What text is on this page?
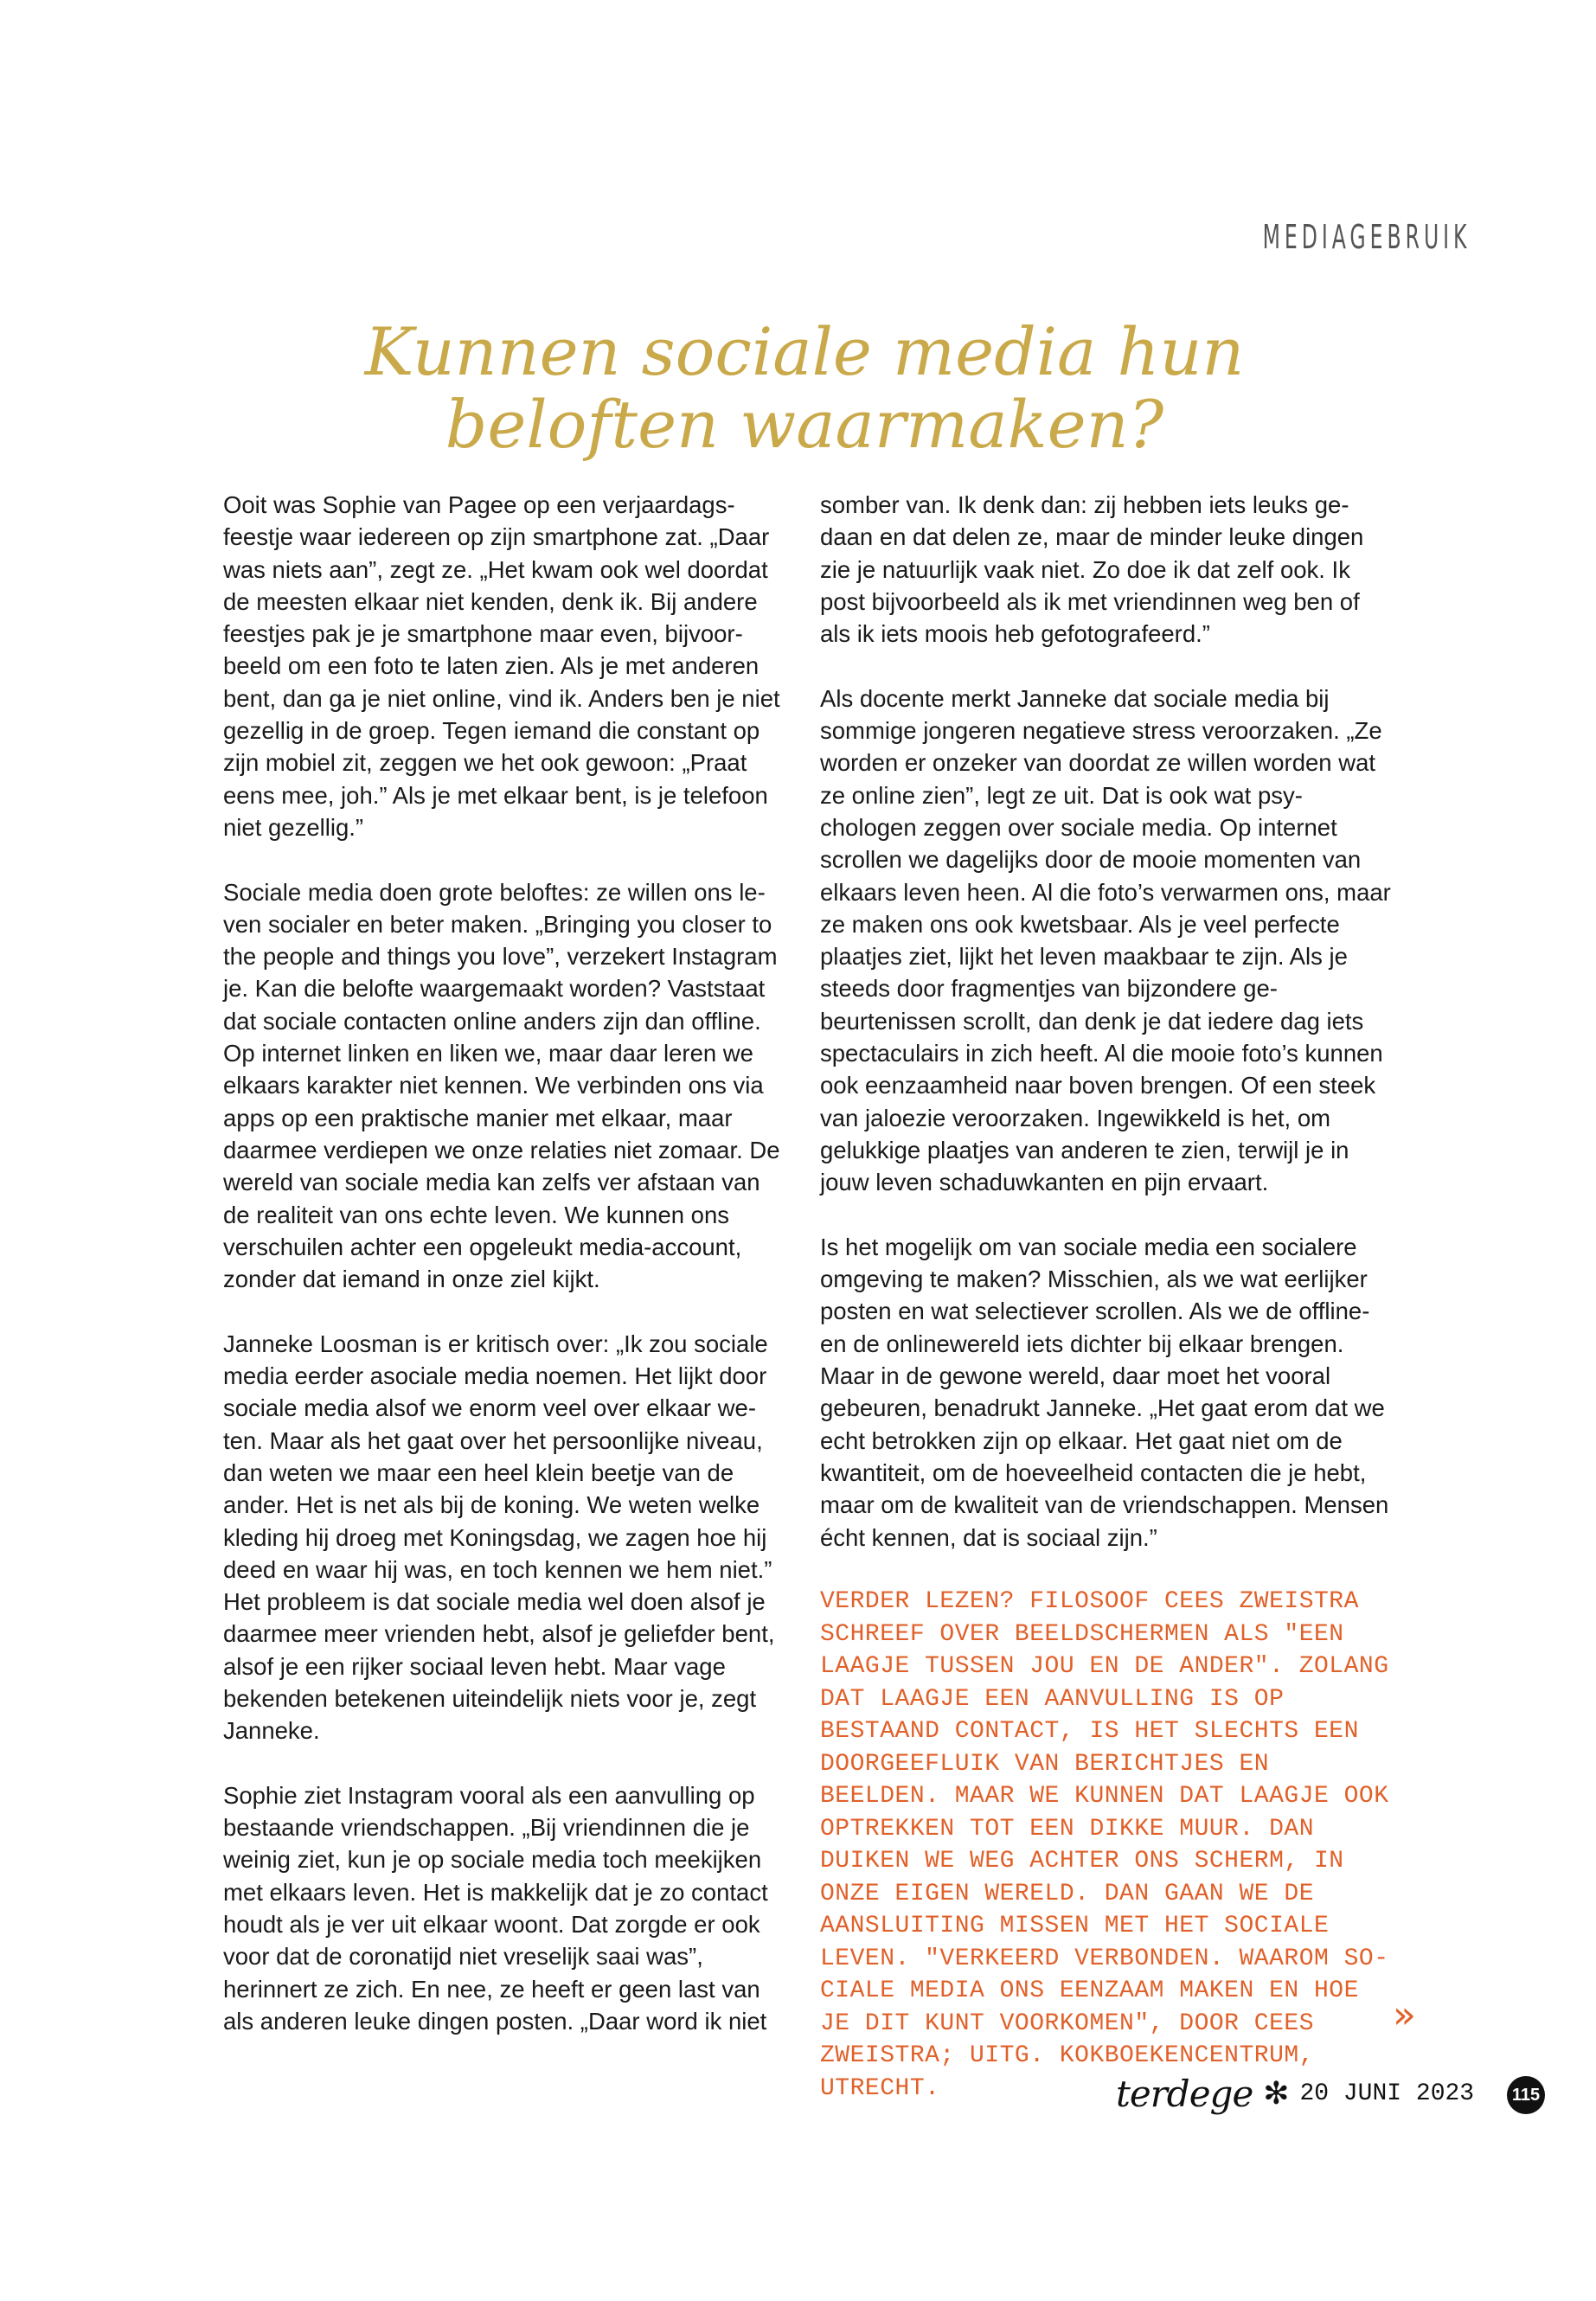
MEDIAGEBRUIK
Kunnen sociale media hun beloften waarmaken?

Ooit was Sophie van Pagee op een verjaardagsfeestje waar iedereen op zijn smartphone zat. „Daar was niets aan”, zegt ze. „Het kwam ook wel doordat de meesten elkaar niet kenden, denk ik. Bij andere feestjes pak je je smartphone maar even, bijvoorbeeld om een foto te laten zien. Als je met anderen bent, dan ga je niet online, vind ik. Anders ben je niet gezellig in de groep. Tegen iemand die constant op zijn mobiel zit, zeggen we het ook gewoon: „Praat eens mee, joh.” Als je met elkaar bent, is je telefoon niet gezellig.”

Sociale media doen grote beloftes: ze willen ons leven socialer en beter maken. „Bringing you closer to the people and things you love”, verzekert Instagram je. Kan die belofte waargemaakt worden? Vaststaat dat sociale contacten online anders zijn dan offline. Op internet linken en liken we, maar daar leren we elkaars karakter niet kennen. We verbinden ons via apps op een praktische manier met elkaar, maar daarmee verdiepen we onze relaties niet zomaar. De wereld van sociale media kan zelfs ver afstaan van de realiteit van ons echte leven. We kunnen ons verschuilen achter een opgeleukt media-account, zonder dat iemand in onze ziel kijkt.

Janneke Loosman is er kritisch over: „Ik zou sociale media eerder asociale media noemen. Het lijkt door sociale media alsof we enorm veel over elkaar weten. Maar als het gaat over het persoonlijke niveau, dan weten we maar een heel klein beetje van de ander. Het is net als bij de koning. We weten welke kleding hij droeg met Koningsdag, we zagen hoe hij deed en waar hij was, en toch kennen we hem niet.” Het probleem is dat sociale media wel doen alsof je daarmee meer vrienden hebt, alsof je geliefder bent, alsof je een rijker sociaal leven hebt. Maar vage bekenden betekenen uiteindelijk niets voor je, zegt Janneke.

Sophie ziet Instagram vooral als een aanvulling op bestaande vriendschappen. „Bij vriendinnen die je weinig ziet, kun je op sociale media toch meekijken met elkaars leven. Het is makkelijk dat je zo contact houdt als je ver uit elkaar woont. Dat zorgde er ook voor dat de coronatijd niet vreselijk saai was”, herinnert ze zich. En nee, ze heeft er geen last van als anderen leuke dingen posten. „Daar word ik niet

somber van. Ik denk dan: zij hebben iets leuks gedaan en dat delen ze, maar de minder leuke dingen zie je natuurlijk vaak niet. Zo doe ik dat zelf ook. Ik post bijvoorbeeld als ik met vriendinnen weg ben of als ik iets moois heb gefotografeerd.”

Als docente merkt Janneke dat sociale media bij sommige jongeren negatieve stress veroorzaken. „Ze worden er onzeker van doordat ze willen worden wat ze online zien”, legt ze uit. Dat is ook wat psychologen zeggen over sociale media. Op internet scrollen we dagelijks door de mooie momenten van elkaars leven heen. Al die foto’s verwarmen ons, maar ze maken ons ook kwetsbaar. Als je veel perfecte plaatjes ziet, lijkt het leven maakbaar te zijn. Als je steeds door fragmentjes van bijzondere gebeurtenissen scrollt, dan denk je dat iedere dag iets spectaculairs in zich heeft. Al die mooie foto’s kunnen ook eenzaamheid naar boven brengen. Of een steek van jaloezie veroorzaken. Ingewikkeld is het, om gelukkige plaatjes van anderen te zien, terwijl je in jouw leven schaduwkanten en pijn ervaart.

Is het mogelijk om van sociale media een socialere omgeving te maken? Misschien, als we wat eerlijker posten en wat selectiever scrollen. Als we de offline- en de onlinewereld iets dichter bij elkaar brengen. Maar in de gewone wereld, daar moet het vooral gebeuren, benadrukt Janneke. „Het gaat erom dat we echt betrokken zijn op elkaar. Het gaat niet om de kwantiteit, om de hoeveelheid contacten die je hebt, maar om de kwaliteit van de vriendschappen. Mensen écht kennen, dat is sociaal zijn.”

VERDER LEZEN? FILOSOOF CEES ZWEISTRA SCHREEF OVER BEELDSCHERMEN ALS "EEN LAAGJE TUSSEN JOU EN DE ANDER". ZOLANG DAT LAAGJE EEN AANVULLING IS OP BESTAAND CONTACT, IS HET SLECHTS EEN DOORGEEFLUIK VAN BERICHTJES EN BEELDEN. MAAR WE KUNNEN DAT LAAGJE OOK OPTREKKEN TOT EEN DIKKE MUUR. DAN DUIKEN WE WEG ACHTER ONS SCHERM, IN ONZE EIGEN WERELD. DAN GAAN WE DE AANSLUITING MISSEN MET HET SOCIALE LEVEN. "VERKEERD VERBONDEN. WAAROM SOCIALE MEDIA ONS EENZAAM MAKEN EN HOE JE DIT KUNT VOORKOMEN", DOOR CEES ZWEISTRA; UITG. KOKBOEKENCENTRUM, UTRECHT.
»
terdege ✻ 20 JUNI 2023 115
